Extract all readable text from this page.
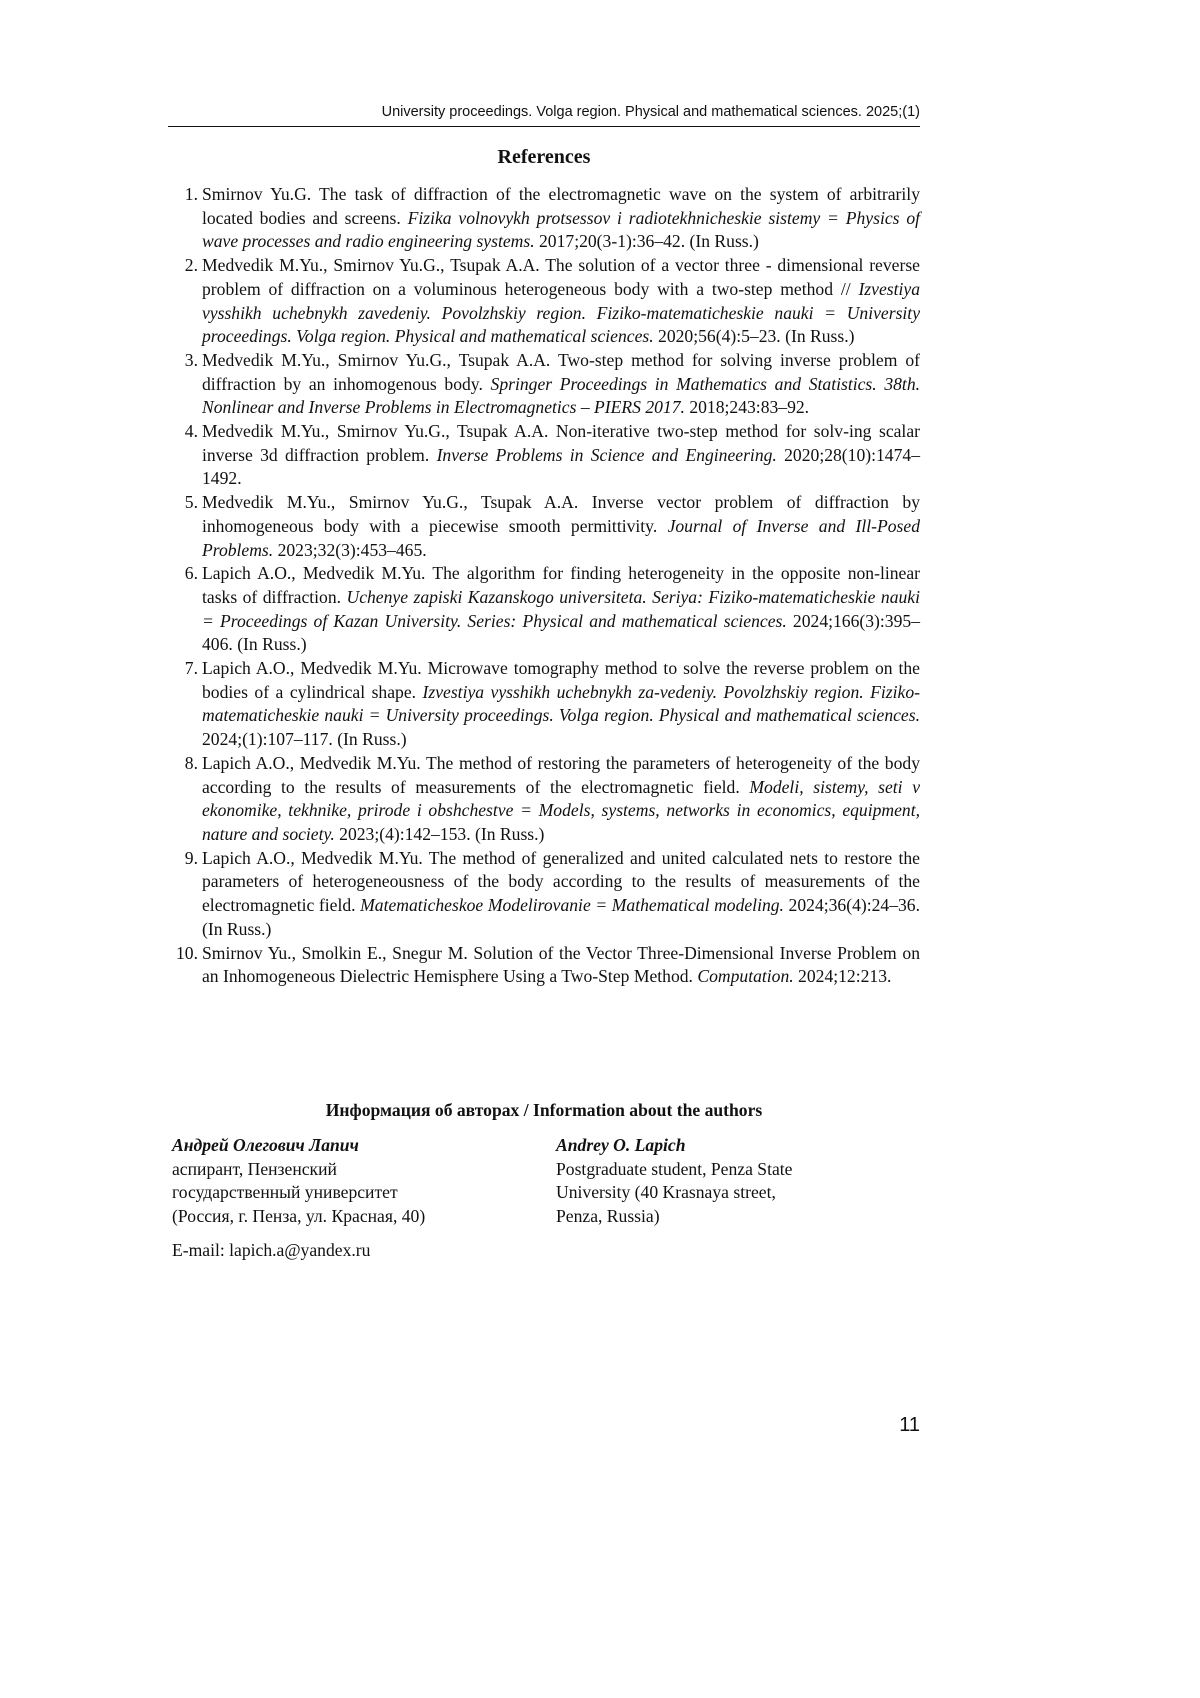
University proceedings. Volga region. Physical and mathematical sciences. 2025;(1)
References
1. Smirnov Yu.G. The task of diffraction of the electromagnetic wave on the system of arbitrarily located bodies and screens. Fizika volnovykh protsessov i radiotekhnicheskie sistemy = Physics of wave processes and radio engineering systems. 2017;20(3-1):36–42. (In Russ.)
2. Medvedik M.Yu., Smirnov Yu.G., Tsupak A.A. The solution of a vector three - dimensional reverse problem of diffraction on a voluminous heterogeneous body with a two-step method // Izvestiya vysshikh uchebnykh zavedeniy. Povolzhskiy region. Fiziko-matematicheskie nauki = University proceedings. Volga region. Physical and mathematical sciences. 2020;56(4):5–23. (In Russ.)
3. Medvedik M.Yu., Smirnov Yu.G., Tsupak A.A. Two-step method for solving inverse problem of diffraction by an inhomogenous body. Springer Proceedings in Mathematics and Statistics. 38th. Nonlinear and Inverse Problems in Electromagnetics – PIERS 2017. 2018;243:83–92.
4. Medvedik M.Yu., Smirnov Yu.G., Tsupak A.A. Non-iterative two-step method for solv-ing scalar inverse 3d diffraction problem. Inverse Problems in Science and Engineering. 2020;28(10):1474–1492.
5. Medvedik M.Yu., Smirnov Yu.G., Tsupak A.A. Inverse vector problem of diffraction by inhomogeneous body with a piecewise smooth permittivity. Journal of Inverse and Ill-Posed Problems. 2023;32(3):453–465.
6. Lapich A.O., Medvedik M.Yu. The algorithm for finding heterogeneity in the opposite non-linear tasks of diffraction. Uchenye zapiski Kazanskogo universiteta. Seriya: Fiziko-matematicheskie nauki = Proceedings of Kazan University. Series: Physical and mathematical sciences. 2024;166(3):395–406. (In Russ.)
7. Lapich A.O., Medvedik M.Yu. Microwave tomography method to solve the reverse problem on the bodies of a cylindrical shape. Izvestiya vysshikh uchebnykh za-vedeniy. Povolzhskiy region. Fiziko-matematicheskie nauki = University proceedings. Volga region. Physical and mathematical sciences. 2024;(1):107–117. (In Russ.)
8. Lapich A.O., Medvedik M.Yu. The method of restoring the parameters of heterogeneity of the body according to the results of measurements of the electromagnetic field. Modeli, sistemy, seti v ekonomike, tekhnike, prirode i obshchestve = Models, systems, networks in economics, equipment, nature and society. 2023;(4):142–153. (In Russ.)
9. Lapich A.O., Medvedik M.Yu. The method of generalized and united calculated nets to restore the parameters of heterogeneousness of the body according to the results of measurements of the electromagnetic field. Matematicheskoe Modelirovanie = Mathematical modeling. 2024;36(4):24–36. (In Russ.)
10. Smirnov Yu., Smolkin E., Snegur M. Solution of the Vector Three-Dimensional Inverse Problem on an Inhomogeneous Dielectric Hemisphere Using a Two-Step Method. Computation. 2024;12:213.
Информация об авторах / Information about the authors
Андрей Олегович Лапич
аспирант, Пензенский
государственный университет
(Россия, г. Пенза, ул. Красная, 40)
Andrey O. Lapich
Postgraduate student, Penza State
University (40 Krasnaya street,
Penza, Russia)
E-mail: lapich.a@yandex.ru
11
